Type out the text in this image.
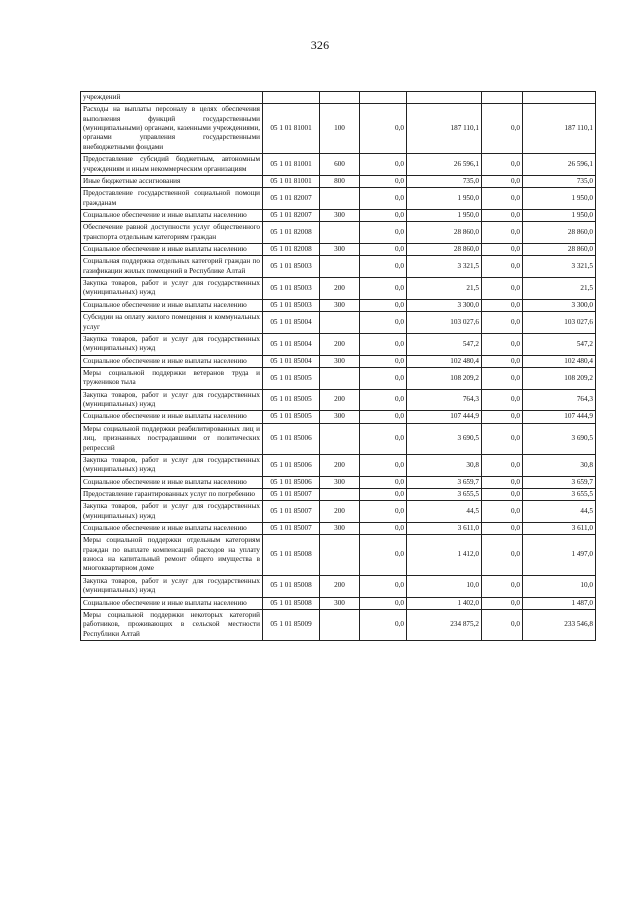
326
учреждений						
Расходы на выплаты персоналу в целях обеспечения выполнения функций государственными (муниципальными) органами, казенными учреждениями, органами управления государственными внебюджетными фондами	05 1 01 81001	100	0,0	187 110,1	0,0	187 110,1
Предоставление субсидий бюджетным, автономным учреждениям и иным некоммерческим организациям	05 1 01 81001	600	0,0	26 596,1	0,0	26 596,1
Иные бюджетные ассигнования	05 1 01 81001	800	0,0	735,0	0,0	735,0
Предоставление государственной социальной помощи гражданам	05 1 01 82007		0,0	1 950,0	0,0	1 950,0
Социальное обеспечение и иные выплаты населению	05 1 01 82007	300	0,0	1 950,0	0,0	1 950,0
Обеспечение равной доступности услуг общественного транспорта отдельным категориям граждан	05 1 01 82008		0,0	28 860,0	0,0	28 860,0
Социальное обеспечение и иные выплаты населению	05 1 01 82008	300	0,0	28 860,0	0,0	28 860,0
Социальная поддержка отдельных категорий граждан по газификации жилых помещений в Республике Алтай	05 1 01 85003		0,0	3 321,5	0,0	3 321,5
Закупка товаров, работ и услуг для государственных (муниципальных) нужд	05 1 01 85003	200	0,0	21,5	0,0	21,5
Социальное обеспечение и иные выплаты населению	05 1 01 85003	300	0,0	3 300,0	0,0	3 300,0
Субсидии на оплату жилого помещения и коммунальных услуг	05 1 01 85004		0,0	103 027,6	0,0	103 027,6
Закупка товаров, работ и услуг для государственных (муниципальных) нужд	05 1 01 85004	200	0,0	547,2	0,0	547,2
Социальное обеспечение и иные выплаты населению	05 1 01 85004	300	0,0	102 480,4	0,0	102 480,4
Меры социальной поддержки ветеранов труда и тружеников тыла	05 1 01 85005		0,0	108 209,2	0,0	108 209,2
Закупка товаров, работ и услуг для государственных (муниципальных) нужд	05 1 01 85005	200	0,0	764,3	0,0	764,3
Социальное обеспечение и иные выплаты населению	05 1 01 85005	300	0,0	107 444,9	0,0	107 444,9
Меры социальной поддержки реабилитированных лиц и лиц, признанных пострадавшими от политических репрессий	05 1 01 85006		0,0	3 690,5	0,0	3 690,5
Закупка товаров, работ и услуг для государственных (муниципальных) нужд	05 1 01 85006	200	0,0	30,8	0,0	30,8
Социальное обеспечение и иные выплаты населению	05 1 01 85006	300	0,0	3 659,7	0,0	3 659,7
Предоставление гарантированных услуг по погребению	05 1 01 85007		0,0	3 655,5	0,0	3 655,5
Закупка товаров, работ и услуг для государственных (муниципальных) нужд	05 1 01 85007	200	0,0	44,5	0,0	44,5
Социальное обеспечение и иные выплаты населению	05 1 01 85007	300	0,0	3 611,0	0,0	3 611,0
Меры социальной поддержки отдельным категориям граждан по выплате компенсаций расходов на уплату взноса на капитальный ремонт общего имущества в многоквартирном доме	05 1 01 85008		0,0	1 412,0	0,0	1 497,0
Закупка товаров, работ и услуг для государственных (муниципальных) нужд	05 1 01 85008	200	0,0	10,0	0,0	10,0
Социальное обеспечение и иные выплаты населению	05 1 01 85008	300	0,0	1 402,0	0,0	1 487,0
Меры социальной поддержки некоторых категорий работников, проживающих в сельской местности Республики Алтай	05 1 01 85009		0,0	234 875,2	0,0	233 546,8
